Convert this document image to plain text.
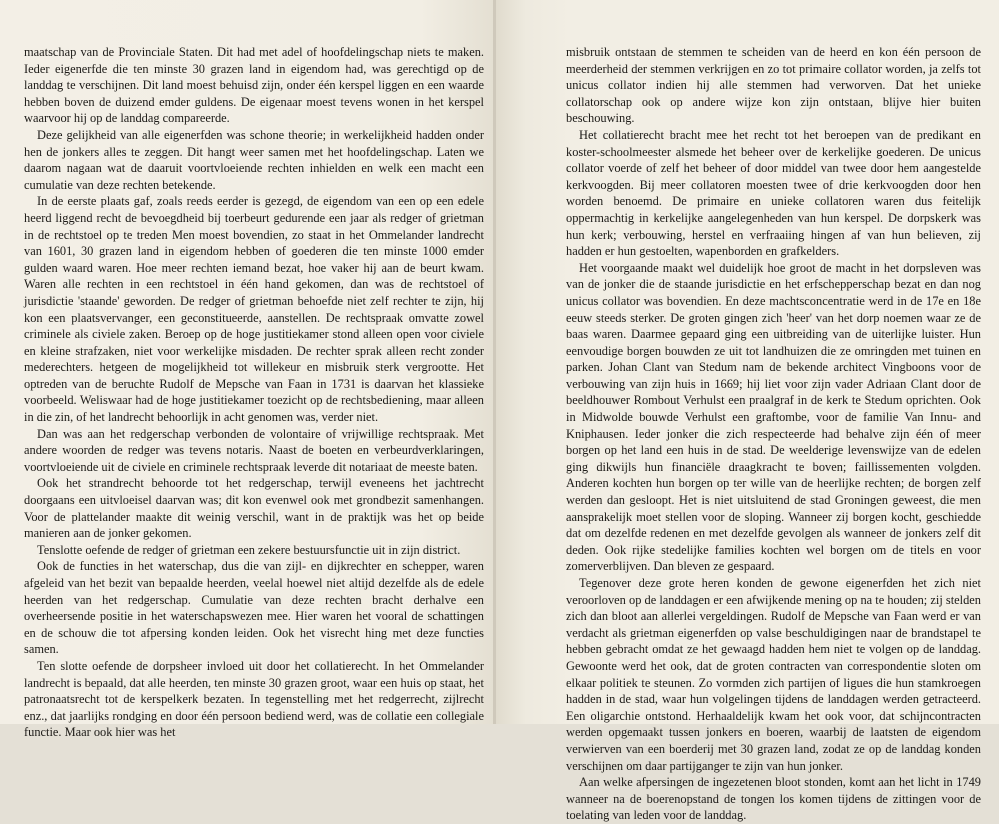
maatschap van de Provinciale Staten. Dit had met adel of hoofdelingschap niets te maken. Ieder eigenerfde die ten minste 30 grazen land in eigendom had, was gerechtigd op de landdag te verschijnen. Dit land moest behuisd zijn, onder één kerspel liggen en een waarde hebben boven de duizend emder guldens. De eigenaar moest tevens wonen in het kerspel waarvoor hij op de landdag compareerde.

Deze gelijkheid van alle eigenerfden was schone theorie; in werkelijkheid hadden onder hen de jonkers alles te zeggen. Dit hangt weer samen met het hoofdelingschap. Laten we daarom nagaan wat de daaruit voortvloeiende rechten inhielden en welk een macht een cumulatie van deze rechten betekende.

In de eerste plaats gaf, zoals reeds eerder is gezegd, de eigendom van een op een edele heerd liggend recht de bevoegdheid bij toerbeurt gedurende een jaar als redger of grietman in de rechtstoel op te treden Men moest bovendien, zo staat in het Ommelander landrecht van 1601, 30 grazen land in eigendom hebben of goederen die ten minste 1000 emder gulden waard waren. Hoe meer rechten iemand bezat, hoe vaker hij aan de beurt kwam. Waren alle rechten in een rechtstoel in één hand gekomen, dan was de rechtstoel of jurisdictie 'staande' geworden. De redger of grietman behoefde niet zelf rechter te zijn, hij kon een plaatsvervanger, een geconstitueerde, aanstellen. De rechtspraak omvatte zowel criminele als civiele zaken. Beroep op de hoge justitiekamer stond alleen open voor civiele en kleine strafzaken, niet voor werkelijke misdaden. De rechter sprak alleen recht zonder mederechters. hetgeen de mogelijkheid tot willekeur en misbruik sterk vergrootte. Het optreden van de beruchte Rudolf de Mepsche van Faan in 1731 is daarvan het klassieke voorbeeld. Weliswaar had de hoge justitiekamer toezicht op de rechtsbediening, maar alleen in die zin, of het landrecht behoorlijk in acht genomen was, verder niet.

Dan was aan het redgerschap verbonden de volontaire of vrijwillige rechtspraak. Met andere woorden de redger was tevens notaris. Naast de boeten en verbeurdverklaringen, voortvloeiende uit de civiele en criminele rechtspraak leverde dit notariaat de meeste baten.

Ook het strandrecht behoorde tot het redgerschap, terwijl eveneens het jachtrecht doorgaans een uitvloeisel daarvan was; dit kon evenwel ook met grondbezit samenhangen. Voor de plattelander maakte dit weinig verschil, want in de praktijk was het op beide manieren aan de jonker gekomen.

Tenslotte oefende de redger of grietman een zekere bestuursfunctie uit in zijn district.

Ook de functies in het waterschap, dus die van zijl- en dijkrechter en schepper, waren afgeleid van het bezit van bepaalde heerden, veelal hoewel niet altijd dezelfde als de edele heerden van het redgerschap. Cumulatie van deze rechten bracht derhalve een overheersende positie in het waterschapswezen mee. Hier waren het vooral de schattingen en de schouw die tot afpersing konden leiden. Ook het visrecht hing met deze functies samen.

Ten slotte oefende de dorpsheer invloed uit door het collatierecht. In het Ommelander landrecht is bepaald, dat alle heerden, ten minste 30 grazen groot, waar een huis op staat, het patronaatsrecht tot de kerspelkerk bezaten. In tegenstelling met het redgerrecht, zijlrecht enz., dat jaarlijks rondging en door één persoon bediend werd, was de collatie een collegiale functie. Maar ook hier was het

misbruik ontstaan de stemmen te scheiden van de heerd en kon één persoon de meerderheid der stemmen verkrijgen en zo tot primaire collator worden, ja zelfs tot unicus collator indien hij alle stemmen had verworven. Dat het unieke collatorschap ook op andere wijze kon zijn ontstaan, blijve hier buiten beschouwing.

Het collatierecht bracht mee het recht tot het beroepen van de predikant en koster-schoolmeester alsmede het beheer over de kerkelijke goederen. De unicus collator voerde of zelf het beheer of door middel van twee door hem aangestelde kerkvoogden. Bij meer collatoren moesten twee of drie kerkvoogden door hen worden benoemd. De primaire en unieke collatoren waren dus feitelijk oppermachtig in kerkelijke aangelegenheden van hun kerspel. De dorpskerk was hun kerk; verbouwing, herstel en verfraaiing hingen af van hun believen, zij hadden er hun gestoelten, wapenborden en grafkelders.

Het voorgaande maakt wel duidelijk hoe groot de macht in het dorpsleven was van de jonker die de staande jurisdictie en het erfschepperschap bezat en dan nog unicus collator was bovendien. En deze machtsconcentratie werd in de 17e en 18e eeuw steeds sterker. De groten gingen zich 'heer' van het dorp noemen waar ze de baas waren. Daarmee gepaard ging een uitbreiding van de uiterlijke luister. Hun eenvoudige borgen bouwden ze uit tot landhuizen die ze omringden met tuinen en parken. Johan Clant van Stedum nam de bekende architect Vingboons voor de verbouwing van zijn huis in 1669; hij liet voor zijn vader Adriaan Clant door de beeldhouwer Rombout Verhulst een praalgraf in de kerk te Stedum oprichten. Ook in Midwolde bouwde Verhulst een graftombe, voor de familie Van Innu- and Kniphausen. Ieder jonker die zich respecteerde had behalve zijn één of meer borgen op het land een huis in de stad. De weelderige levenswijze van de edelen ging dikwijls hun financiële draagkracht te boven; faillissementen volgden. Anderen kochten hun borgen op ter wille van de heerlijke rechten; de borgen zelf werden dan gesloopt. Het is niet uitsluitend de stad Groningen geweest, die men aansprakelijk moet stellen voor de sloping. Wanneer zij borgen kocht, geschiedde dat om dezelfde redenen en met dezelfde gevolgen als wanneer de jonkers zelf dit deden. Ook rijke stedelijke families kochten wel borgen om de titels en voor zomerverblijven. Dan bleven ze gespaard.

Tegenover deze grote heren konden de gewone eigenerfden het zich niet veroorloven op de landdagen er een afwijkende mening op na te houden; zij stelden zich dan bloot aan allerlei vergeldingen. Rudolf de Mepsche van Faan werd er van verdacht als grietman eigenerfden op valse beschuldigingen naar de brandstapel te hebben gebracht omdat ze het gewaagd hadden hem niet te volgen op de landdag. Gewoonte werd het ook, dat de groten contracten van correspondentie sloten om elkaar politiek te steunen. Zo vormden zich partijen of ligues die hun stamkroegen hadden in de stad, waar hun volgelingen tijdens de landdagen werden getracteerd. Een oligarchie ontstond. Herhaaldelijk kwam het ook voor, dat schijncontracten werden opgemaakt tussen jonkers en boeren, waarbij de laatsten de eigendom verwierven van een boerderij met 30 grazen land, zodat ze op de landdag konden verschijnen om daar partijganger te zijn van hun jonker.

Aan welke afpersingen de ingezetenen bloot stonden, komt aan het licht in 1749 wanneer na de boerenopstand de tongen los komen tijdens de zittingen voor de toelating van leden voor de landdag.
